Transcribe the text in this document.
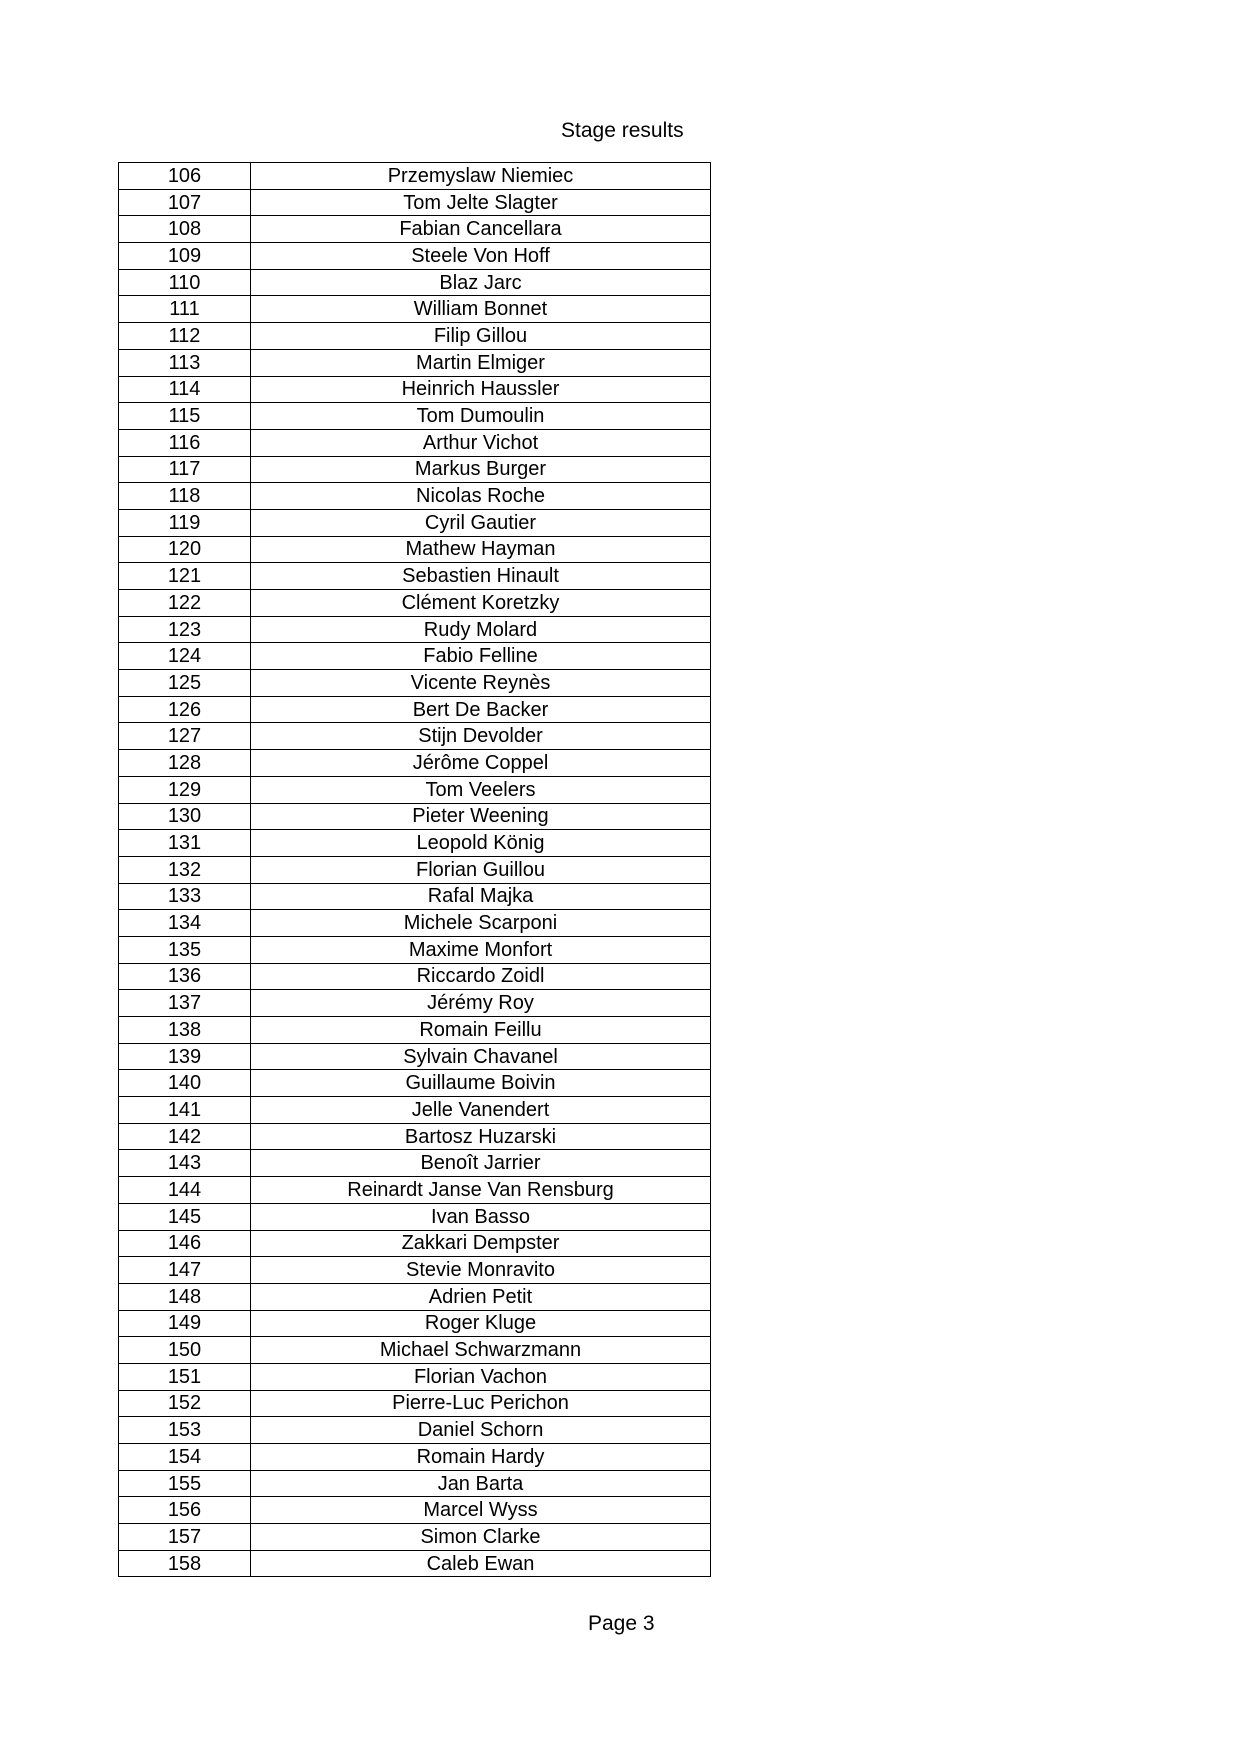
Stage results
106	Przemyslaw Niemiec
107	Tom Jelte Slagter
108	Fabian Cancellara
109	Steele Von Hoff
110	Blaz Jarc
111	William Bonnet
112	Filip Gillou
113	Martin Elmiger
114	Heinrich Haussler
115	Tom Dumoulin
116	Arthur Vichot
117	Markus Burger
118	Nicolas Roche
119	Cyril Gautier
120	Mathew Hayman
121	Sebastien Hinault
122	Clément Koretzky
123	Rudy Molard
124	Fabio Felline
125	Vicente Reynès
126	Bert De Backer
127	Stijn Devolder
128	Jérôme Coppel
129	Tom Veelers
130	Pieter Weening
131	Leopold König
132	Florian Guillou
133	Rafal Majka
134	Michele Scarponi
135	Maxime Monfort
136	Riccardo Zoidl
137	Jérémy Roy
138	Romain Feillu
139	Sylvain Chavanel
140	Guillaume Boivin
141	Jelle Vanendert
142	Bartosz Huzarski
143	Benoît Jarrier
144	Reinardt Janse Van Rensburg
145	Ivan Basso
146	Zakkari Dempster
147	Stevie Monravito
148	Adrien Petit
149	Roger Kluge
150	Michael Schwarzmann
151	Florian Vachon
152	Pierre-Luc Perichon
153	Daniel Schorn
154	Romain Hardy
155	Jan Barta
156	Marcel Wyss
157	Simon Clarke
158	Caleb Ewan
Page 3
